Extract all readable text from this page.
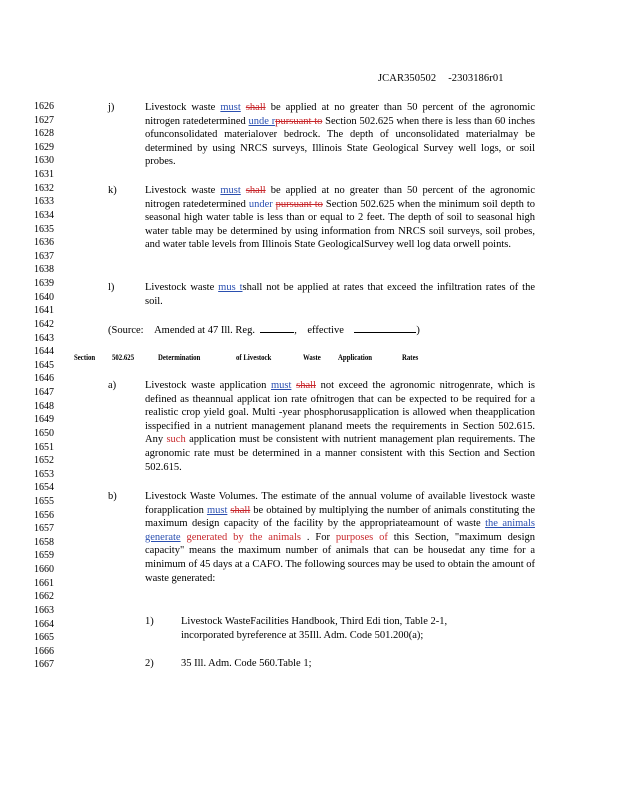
JCAR350502 -2303186r01
1626
1627
1628
1629
1630
1631
1632
1633
1634
1635
1636
1637
1638
1639
1640
1641
1642
1643
1644
1645
1646
1647
1648
1649
1650
1651
1652
1653
1654
1655
1656
1657
1658
1659
1660
1661
1662
1663
1664
1665
1666
1667
j)	Livestock waste must shall be applied at no greater than 50 percent of the agronomic nitrogen ratedetermined unde rpursuant to Section 502.625 when there is less than 60 inches ofunconsolidated materialover bedrock. The depth of unconsolidated materialmay be determined by using NRCS surveys, Illinois State Geological Survey well logs, or soil probes.
k)	Livestock waste must shall be applied at no greater than 50 percent of the agronomic nitrogen ratedetermined under pursuant to Section 502.625 when the minimum soil depth to seasonal high water table is less than or equal to 2 feet. The depth of soil to seasonal high water table may be determined by using information from NRCS soil surveys, soil probes, and water table levels from Illinois State GeologicalSurvey well log data orwell points.
l)	Livestock waste mus tshall not be applied at rates that exceed the infiltration rates of the soil.
(Source: Amended at 47 Ill. Reg.	, effective	)
Section 502.625	Determination	of Livestock	Waste Application	Rates
a)	Livestock waste application must shall not exceed the agronomic nitrogenrate, which is defined as theannual applicat ion rate ofnitrogen that can be expected to be required for a realistic crop yield goal. Multi -year phosphorusapplication is allowed when theapplication isspecified in a nutrient management planand meets the requirements in Section 502.615. Any such application must be consistent with nutrient management plan requirements. The agronomic rate must be determined in a manner consistent with this Section and Section 502.615.
b)	Livestock Waste Volumes. The estimate of the annual volume of available livestock waste forapplication must shall be obtained by multiplying the number of animals constituting the maximum design capacity of the facility by the appropriateamount of waste the animals generate generated by the animals . For purposes of this Section, "maximum design capacity" means the maximum number of animals that can be housedat any time for a minimum of 45 days at a CAFO. The following sources may be used to obtain the amount of waste generated:
1)	Livestock WasteFacilities Handbook, Third Edi tion, Table 2-1, incorporated byreference at 35Ill. Adm. Code 501.200(a);
2)	35 Ill. Adm. Code 560.Table 1;
